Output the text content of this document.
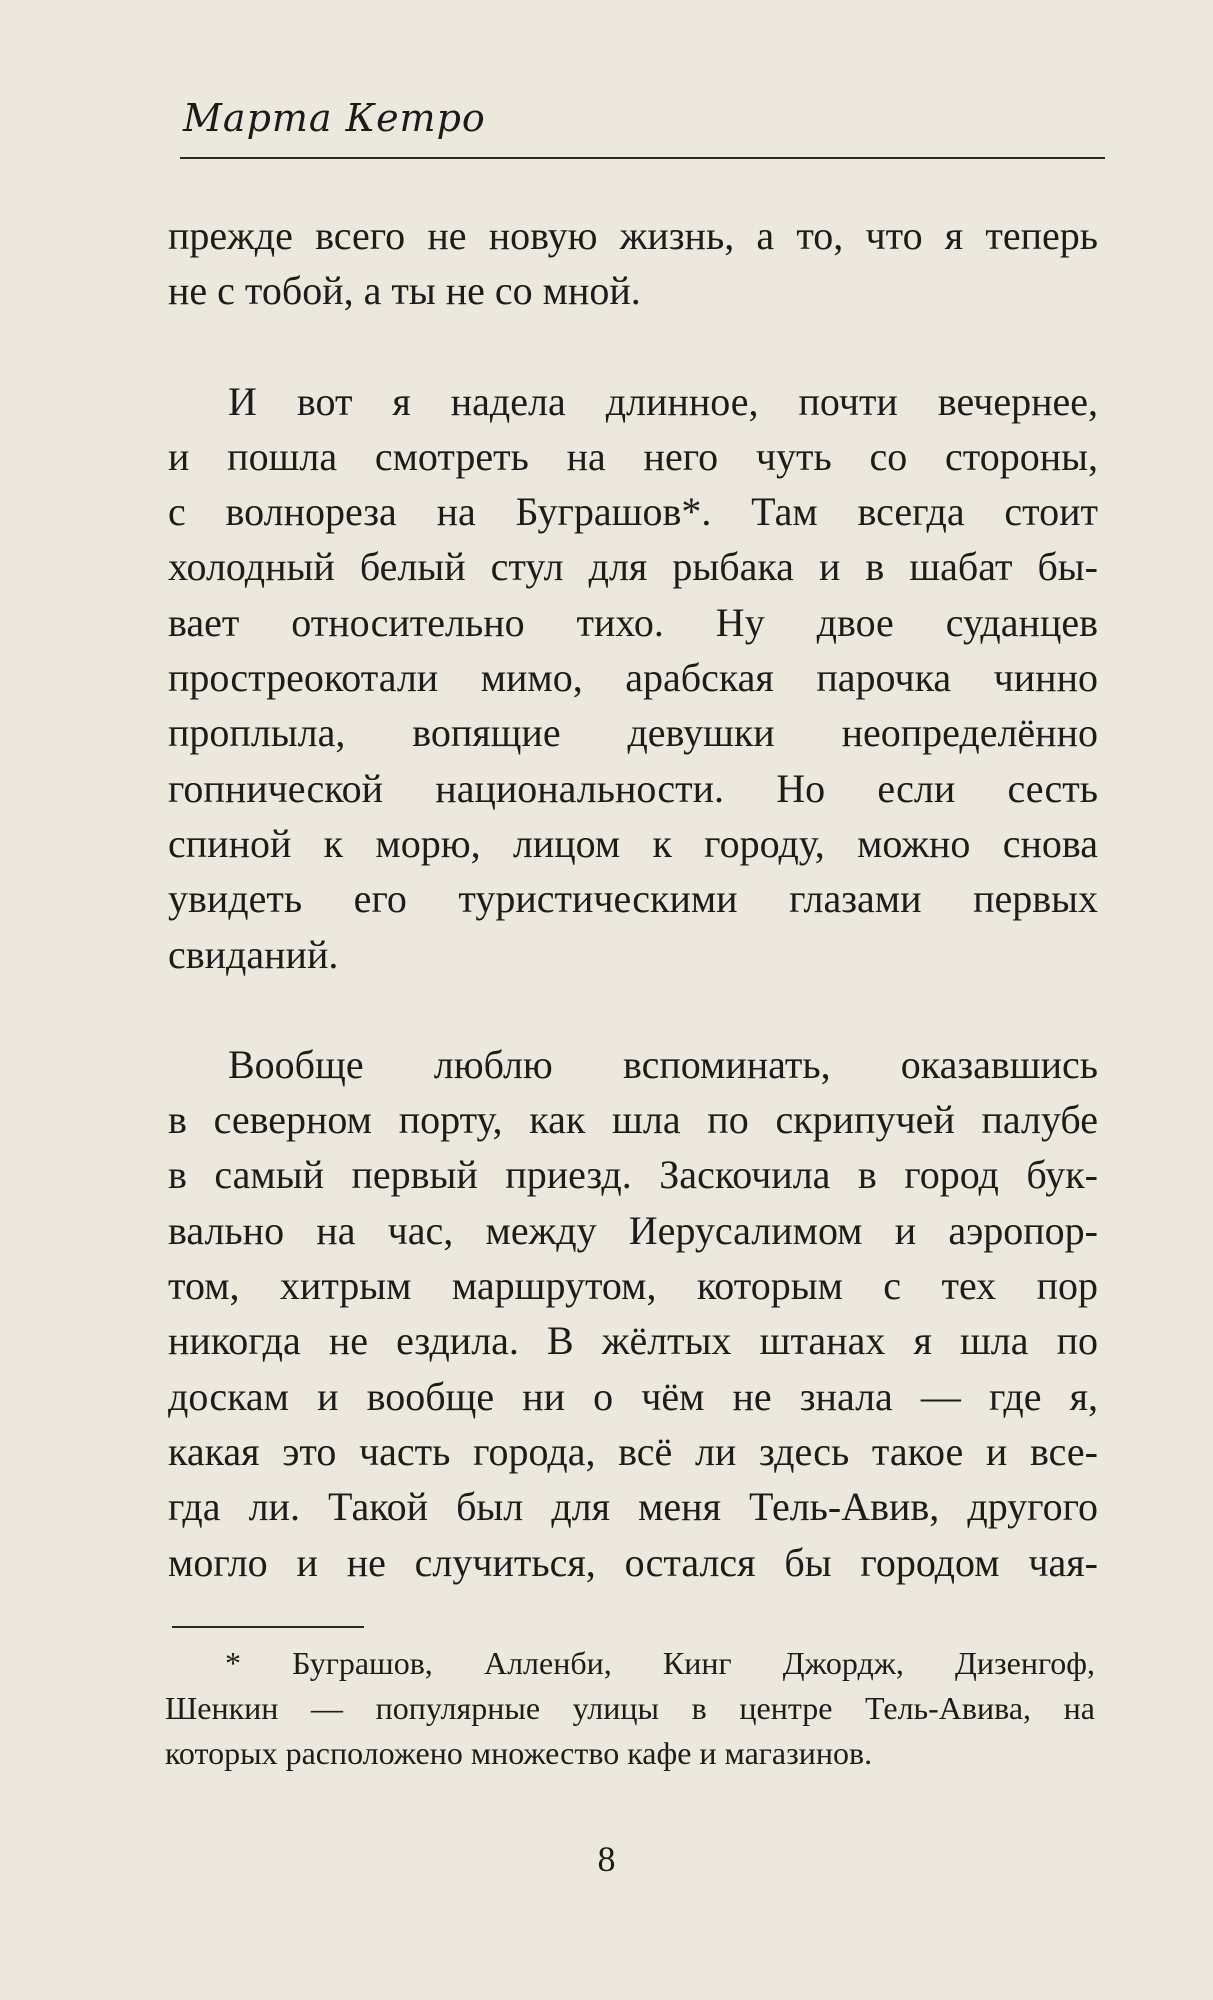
Марта Кетро
прежде всего не новую жизнь, а то, что я теперь
не с тобой, а ты не со мной.
И вот я надела длинное, почти вечернее,
и пошла смотреть на него чуть со стороны,
с волнореза на Буграшов*. Там всегда стоит
холодный белый стул для рыбака и в шабат бы-
вает относительно тихо. Ну двое суданцев
простреокотали мимо, арабская парочка чинно
проплыла, вопящие девушки неопределённо
гопнической национальности. Но если сесть
спиной к морю, лицом к городу, можно снова
увидеть его туристическими глазами первых
свиданий.
Вообще люблю вспоминать, оказавшись
в северном порту, как шла по скрипучей палубе
в самый первый приезд. Заскочила в город бук-
вально на час, между Иерусалимом и аэропор-
том, хитрым маршрутом, которым с тех пор
никогда не ездила. В жёлтых штанах я шла по
доскам и вообще ни о чём не знала — где я,
какая это часть города, всё ли здесь такое и все-
гда ли. Такой был для меня Тель-Авив, другого
могло и не случиться, остался бы городом чая-
* Бугрaшов, Алленби, Кинг Джордж, Дизенгоф,
Шенкин — популярные улицы в центре Тель-Авива, на
которых расположено множество кафе и магазинов.
8
